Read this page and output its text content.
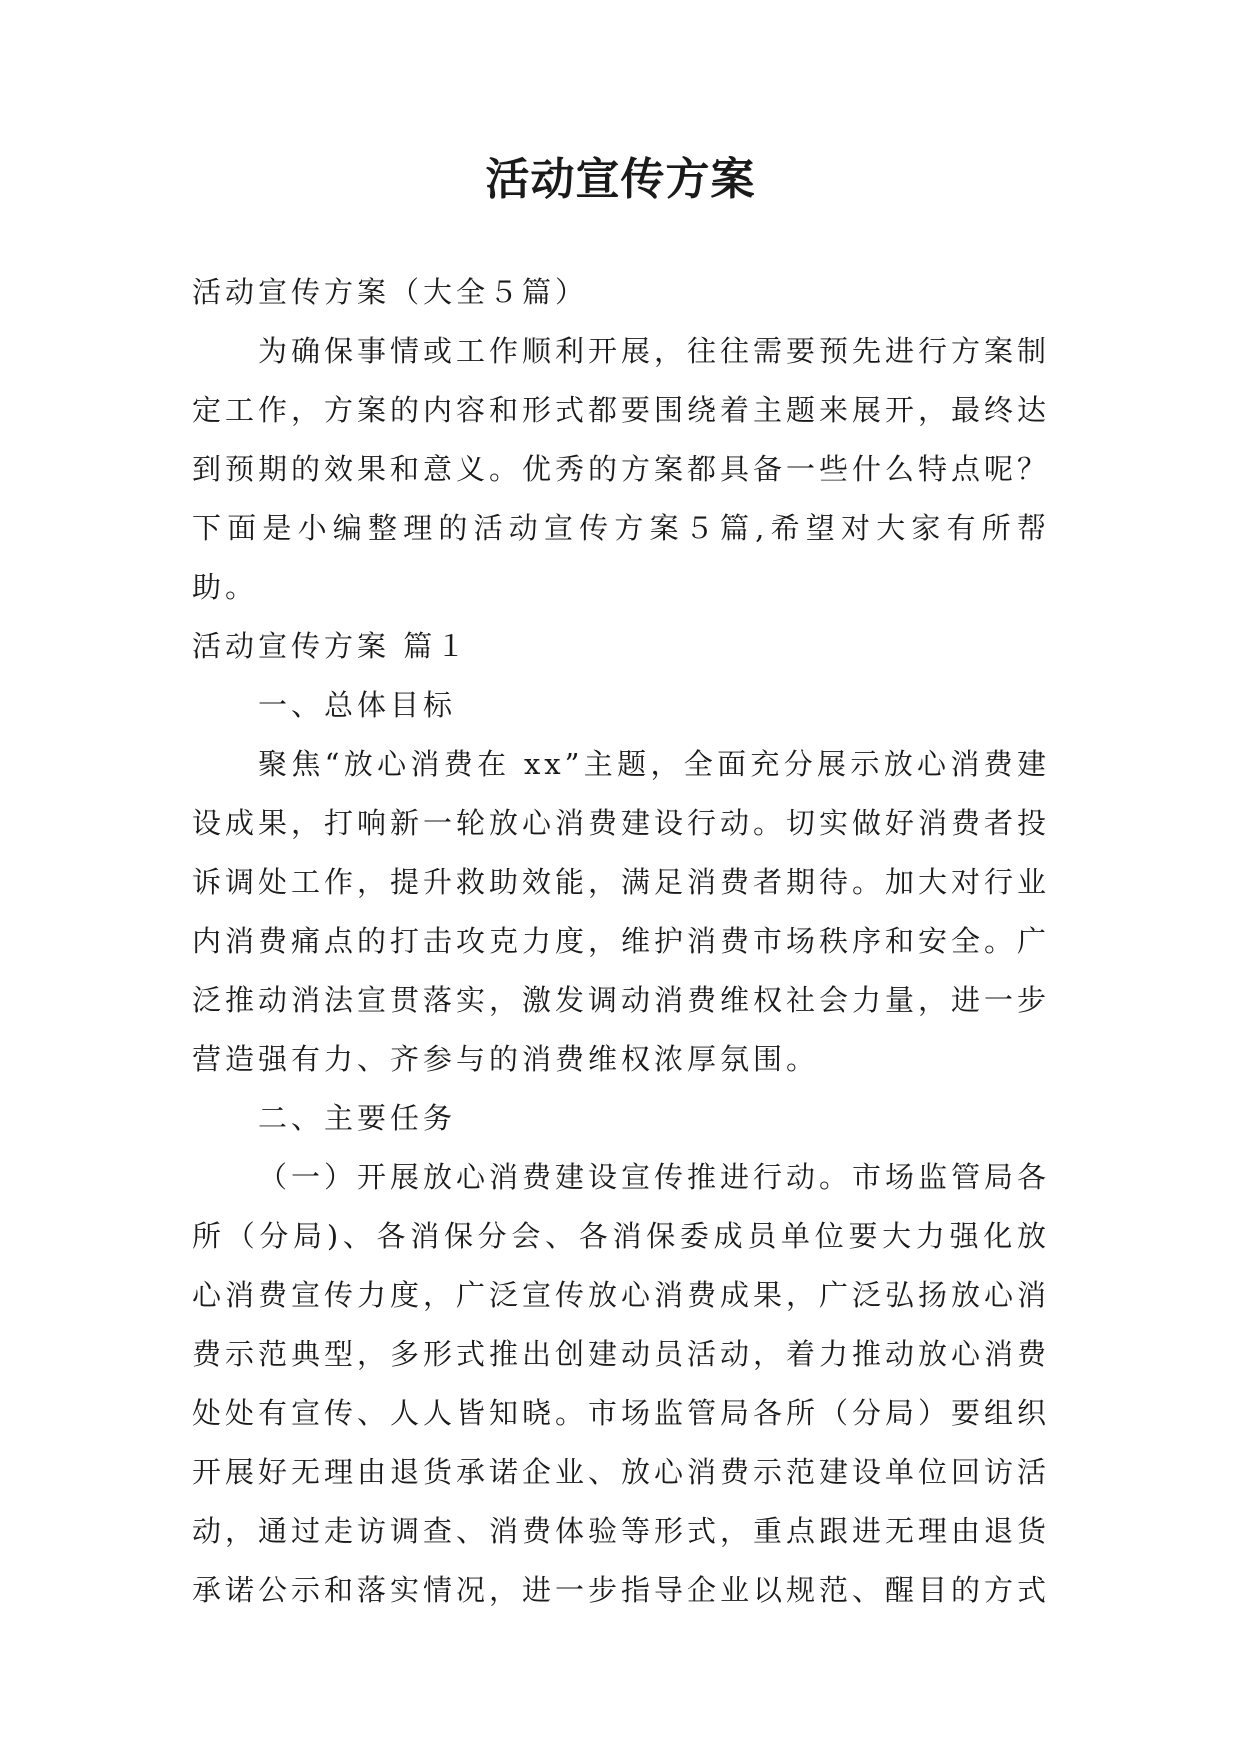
活动宣传方案

活动宣传方案（大全５篇）

为确保事情或工作顺利开展，往往需要预先进行方案制定工作，方案的内容和形式都要围绕着主题来展开，最终达到预期的效果和意义。优秀的方案都具备一些什么特点呢？下面是小编整理的活动宣传方案５篇,希望对大家有所帮助。

活动宣传方案 篇１

一、总体目标

聚焦“放心消费在 xx”主题，全面充分展示放心消费建设成果，打响新一轮放心消费建设行动。切实做好消费者投诉调处工作，提升救助效能，满足消费者期待。加大对行业内消费痛点的打击攻克力度，维护消费市场秩序和安全。广泛推动消法宣贯落实，激发调动消费维权社会力量，进一步营造强有力、齐参与的消费维权浓厚氛围。

二、主要任务

（一）开展放心消费建设宣传推进行动。市场监管局各所（分局)、各消保分会、各消保委成员单位要大力强化放心消费宣传力度，广泛宣传放心消费成果，广泛弘扬放心消费示范典型，多形式推出创建动员活动，着力推动放心消费处处有宣传、人人皆知晓。市场监管局各所（分局）要组织开展好无理由退货承诺企业、放心消费示范建设单位回访活动，通过走访调查、消费体验等形式，重点跟进无理由退货承诺公示和落实情况，进一步指导企业以规范、醒目的方式
